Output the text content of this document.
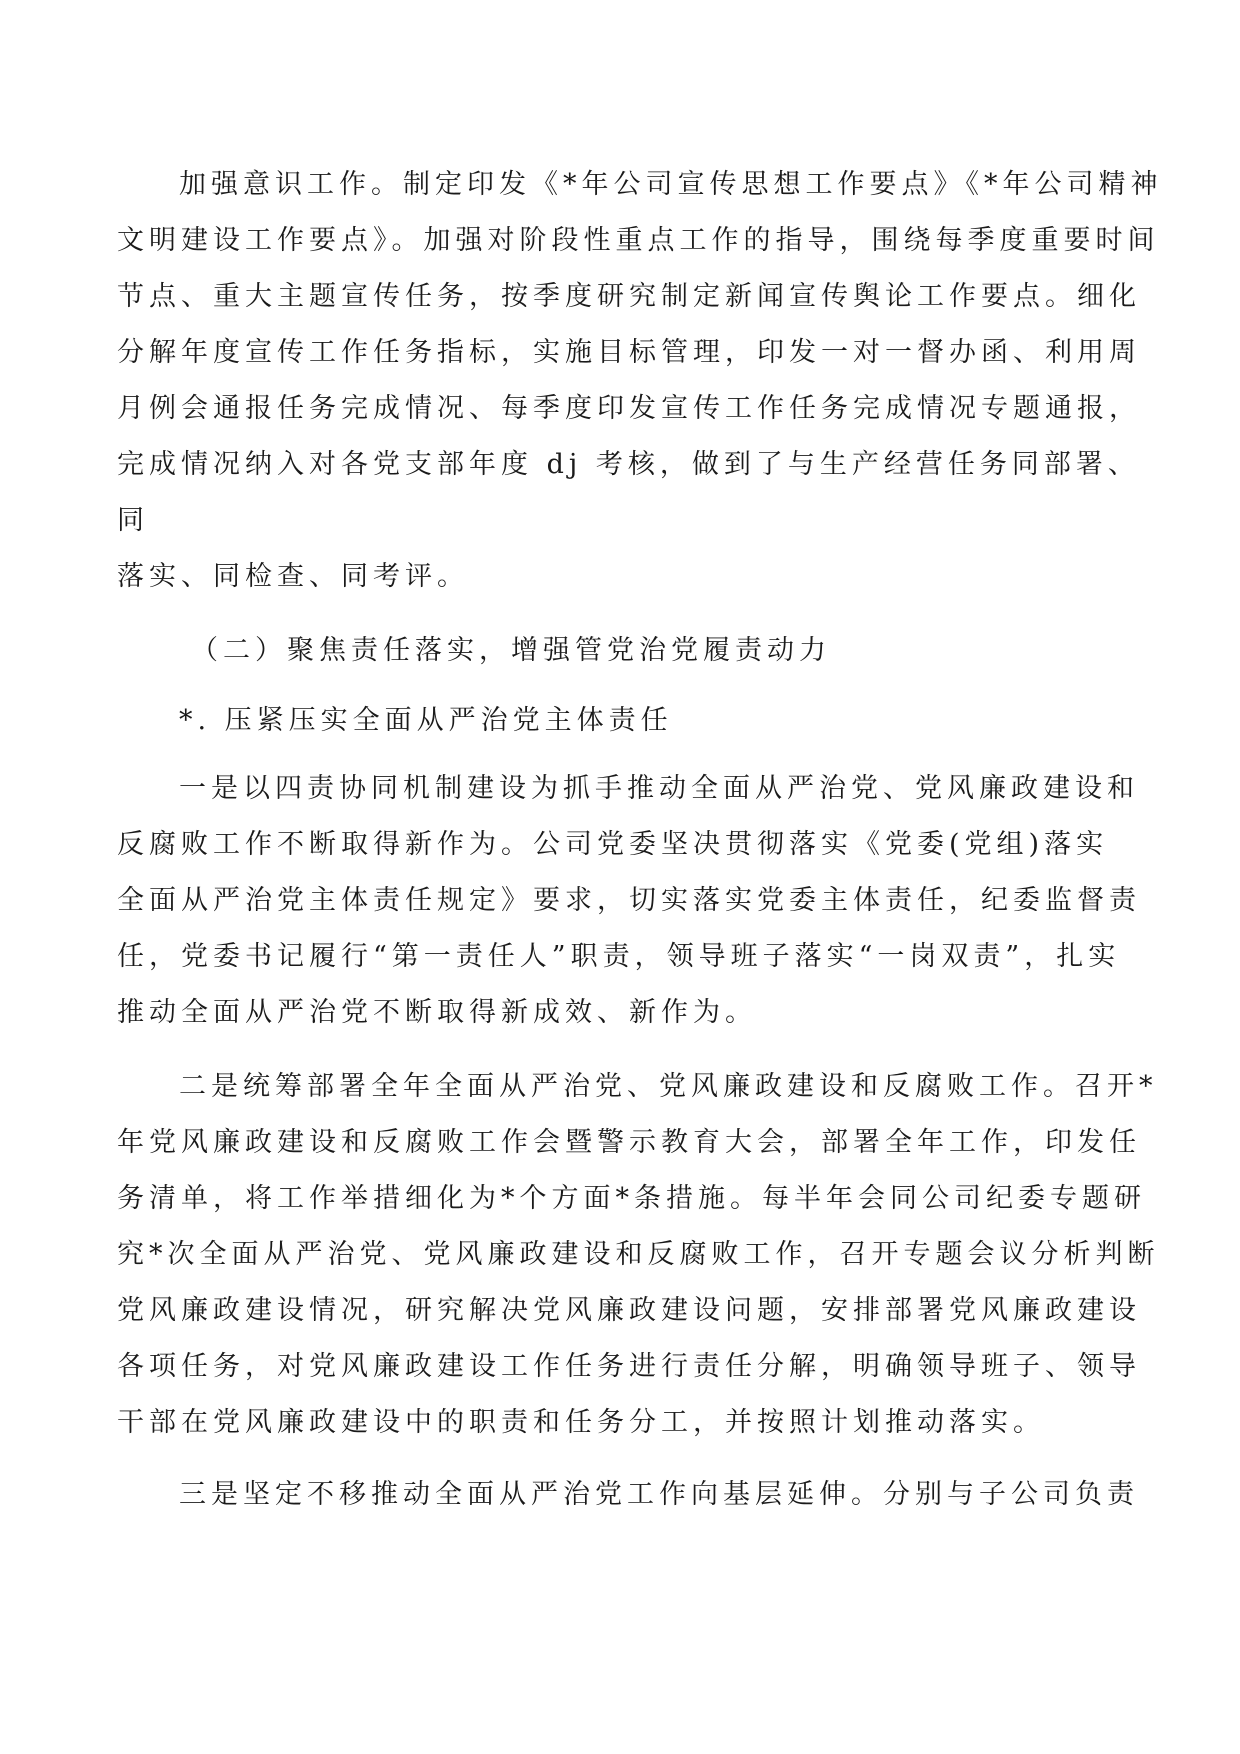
加强意识工作。制定印发《*年公司宣传思想工作要点》《*年公司精神
文明建设工作要点》。加强对阶段性重点工作的指导，围绕每季度重要时间
节点、重大主题宣传任务，按季度研究制定新闻宣传舆论工作要点。细化
分解年度宣传工作任务指标，实施目标管理，印发一对一督办函、利用周
月例会通报任务完成情况、每季度印发宣传工作任务完成情况专题通报，
完成情况纳入对各党支部年度 dj 考核，做到了与生产经营任务同部署、
同
落实、同检查、同考评。
（二）聚焦责任落实，增强管党治党履责动力
*. 压紧压实全面从严治党主体责任
一是以四责协同机制建设为抓手推动全面从严治党、党风廉政建设和
反腐败工作不断取得新作为。公司党委坚决贯彻落实《党委(党组)落实
全面从严治党主体责任规定》要求，切实落实党委主体责任，纪委监督责
任，党委书记履行“第一责任人”职责，领导班子落实“一岗双责”，扎实
推动全面从严治党不断取得新成效、新作为。
二是统筹部署全年全面从严治党、党风廉政建设和反腐败工作。召开*
年党风廉政建设和反腐败工作会暨警示教育大会，部署全年工作，印发任
务清单，将工作举措细化为*个方面*条措施。每半年会同公司纪委专题研
究*次全面从严治党、党风廉政建设和反腐败工作，召开专题会议分析判断
党风廉政建设情况，研究解决党风廉政建设问题，安排部署党风廉政建设
各项任务，对党风廉政建设工作任务进行责任分解，明确领导班子、领导
干部在党风廉政建设中的职责和任务分工，并按照计划推动落实。
三是坚定不移推动全面从严治党工作向基层延伸。分别与子公司负责
